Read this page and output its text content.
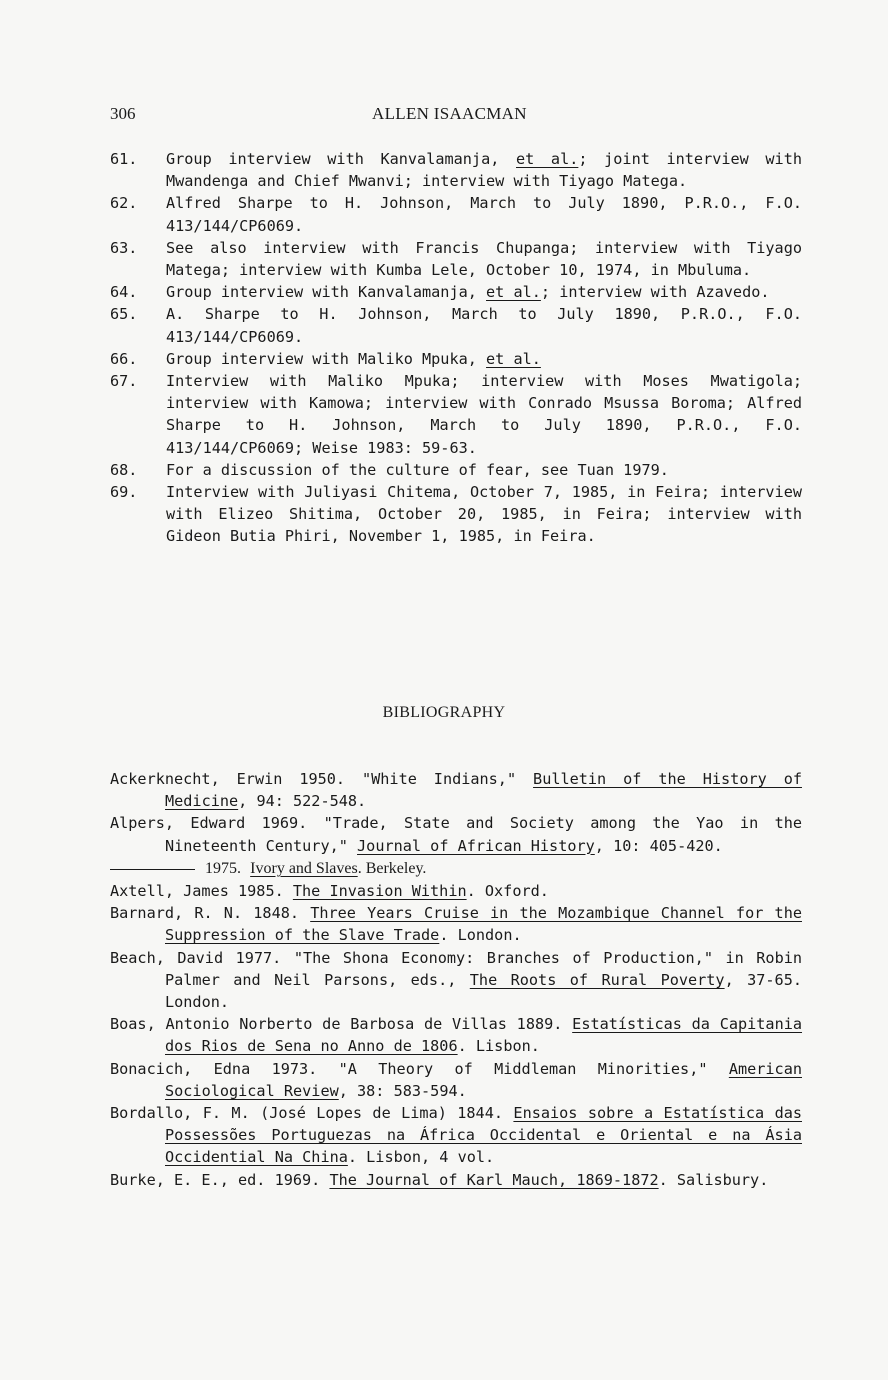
306	ALLEN ISAACMAN
61.	Group interview with Kanvalamanja, et al.; joint interview with Mwandenga and Chief Mwanvi; interview with Tiyago Matega.
62.	Alfred Sharpe to H. Johnson, March to July 1890, P.R.O., F.O. 413/144/CP6069.
63.	See also interview with Francis Chupanga; interview with Tiyago Matega; interview with Kumba Lele, October 10, 1974, in Mbuluma.
64.	Group interview with Kanvalamanja, et al.; interview with Azavedo.
65.	A. Sharpe to H. Johnson, March to July 1890, P.R.O., F.O. 413/144/CP6069.
66.	Group interview with Maliko Mpuka, et al.
67.	Interview with Maliko Mpuka; interview with Moses Mwatigola; interview with Kamowa; interview with Conrado Msussa Boroma; Alfred Sharpe to H. Johnson, March to July 1890, P.R.O., F.O. 413/144/CP6069; Weise 1983: 59-63.
68.	For a discussion of the culture of fear, see Tuan 1979.
69.	Interview with Juliyasi Chitema, October 7, 1985, in Feira; interview with Elizeo Shitima, October 20, 1985, in Feira; interview with Gideon Butia Phiri, November 1, 1985, in Feira.
BIBLIOGRAPHY
Ackerknecht, Erwin 1950. "White Indians," Bulletin of the History of Medicine, 94: 522-548.
Alpers, Edward 1969. "Trade, State and Society among the Yao in the Nineteenth Century," Journal of African History, 10: 405-420.
1975. Ivory and Slaves. Berkeley.
Axtell, James 1985. The Invasion Within. Oxford.
Barnard, R. N. 1848. Three Years Cruise in the Mozambique Channel for the Suppression of the Slave Trade. London.
Beach, David 1977. "The Shona Economy: Branches of Production," in Robin Palmer and Neil Parsons, eds., The Roots of Rural Poverty, 37-65. London.
Boas, Antonio Norberto de Barbosa de Villas 1889. Estatísticas da Capitania dos Rios de Sena no Anno de 1806. Lisbon.
Bonacich, Edna 1973. "A Theory of Middleman Minorities," American Sociological Review, 38: 583-594.
Bordallo, F. M. (José Lopes de Lima) 1844. Ensaios sobre a Estatística das Possessões Portuguezas na África Occidental e Oriental e na Ásia Occidential Na China. Lisbon, 4 vol.
Burke, E. E., ed. 1969. The Journal of Karl Mauch, 1869-1872. Salisbury.
